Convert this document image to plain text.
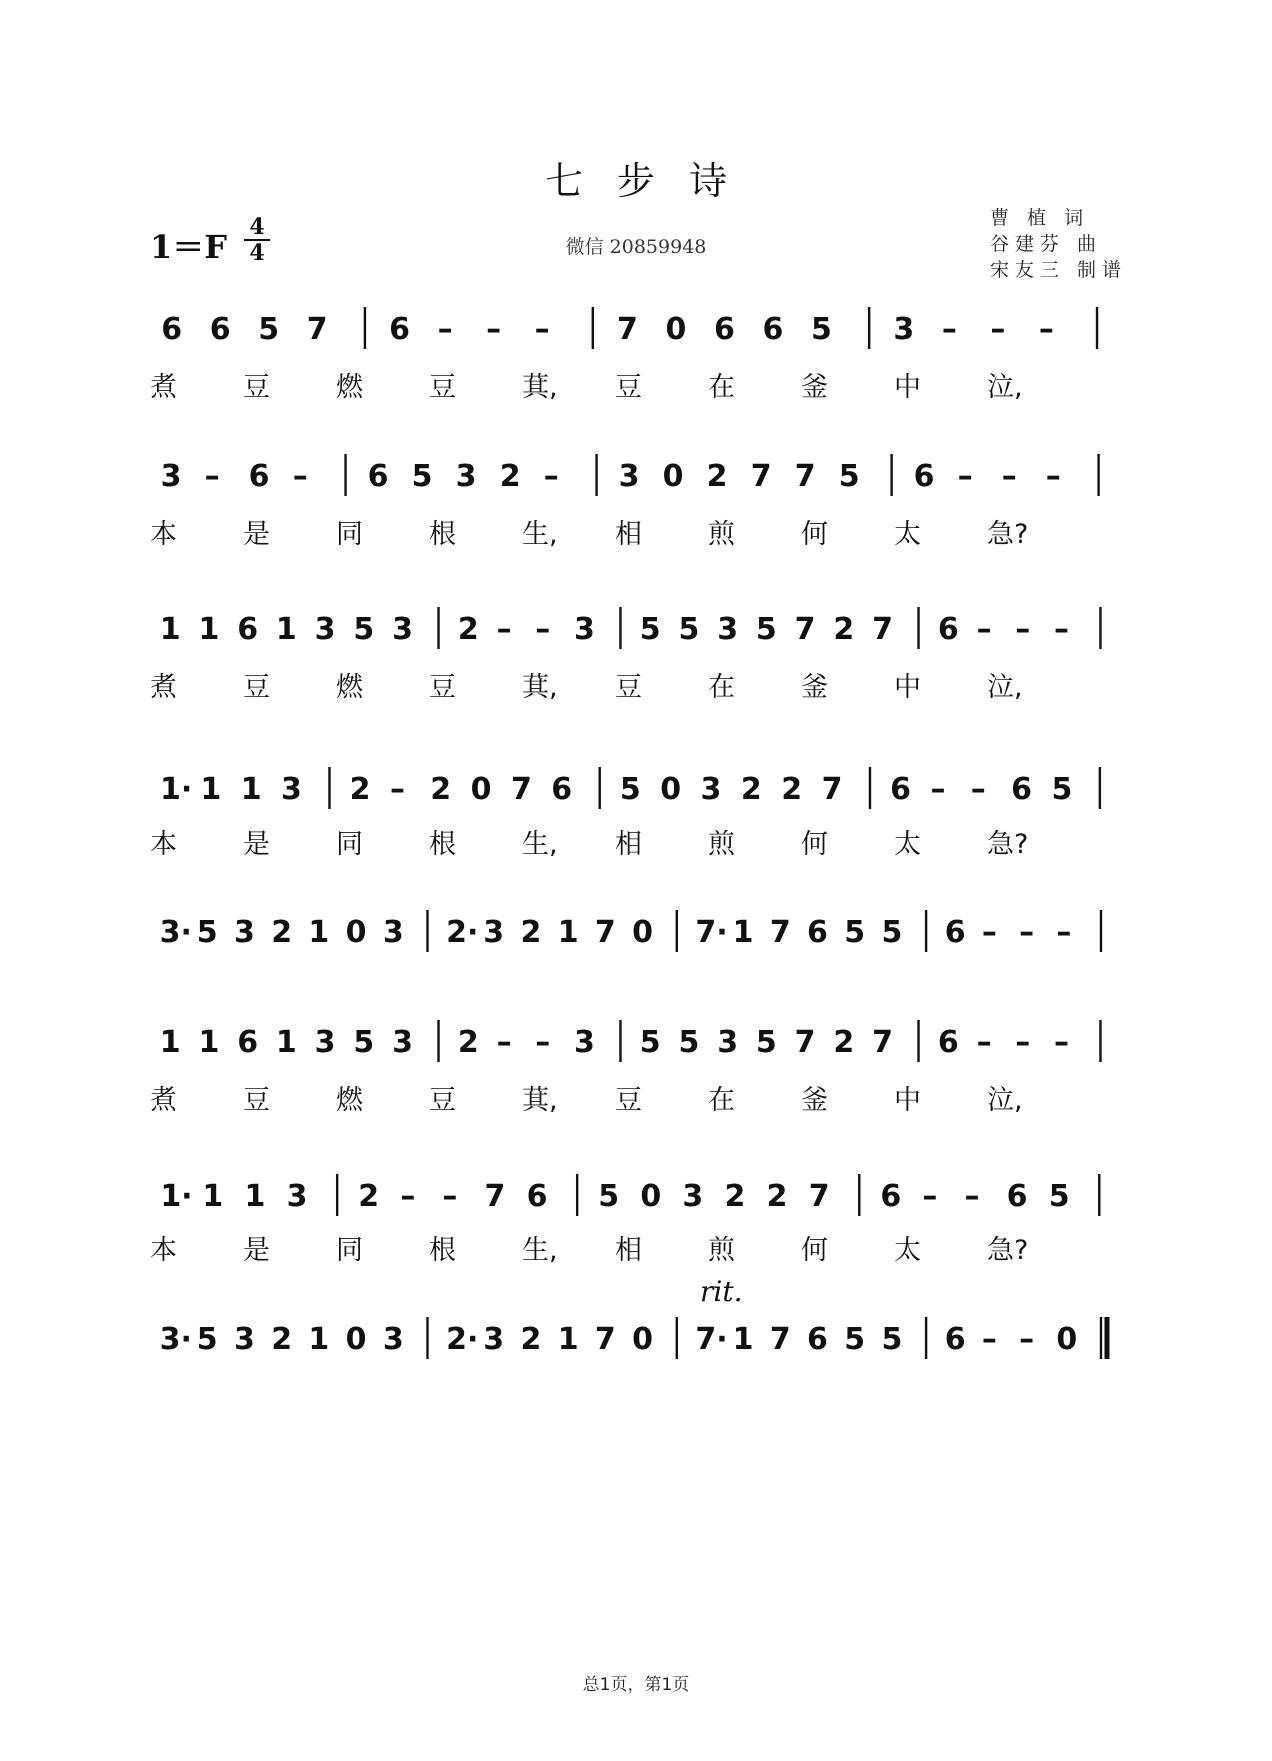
七步诗
1＝F
4
4	微信 20859948
曹 植 词
谷建芬 曲
宋友三 制谱
6 6 5 7 6 – – – 7 0 6 6 5 3 – – –
煮 豆 燃 豆 萁, 豆 在 釜 中 泣,
3 – 6 – 6 5 3 2 – 3 0 2 7 7 5 6 – – –
本 是 同 根 生, 相 煎 何 太 急?
1 1 6 1 3 5 3 2 – – 3 5 5 3 5 7 2 7 6 – – –
煮 豆 燃 豆 萁, 豆 在 釜 中 泣,
1· 1 1 3 2 – 2 0 7 6 5 0 3 2 2 7 6 – – 6 5
本 是 同 根 生, 相 煎 何 太 急?
3· 5 3 2 1 0 3 2· 3 2 1 7 0 7· 1 7 6 5 5 6 – – –
1 1 6 1 3 5 3 2 – – 3 5 5 3 5 7 2 7 6 – – –
煮 豆 燃 豆 萁, 豆 在 釜 中 泣,
1· 1 1 3 2 – – 7 6 5 0 3 2 2 7 6 – – 6 5
本 是 同 根 生, 相 煎 何 太 急?
rit.
3· 5 3 2 1 0 3 2· 3 2 1 7 0 7· 1 7 6 5 5 6 – – 0
总1页，第1页
